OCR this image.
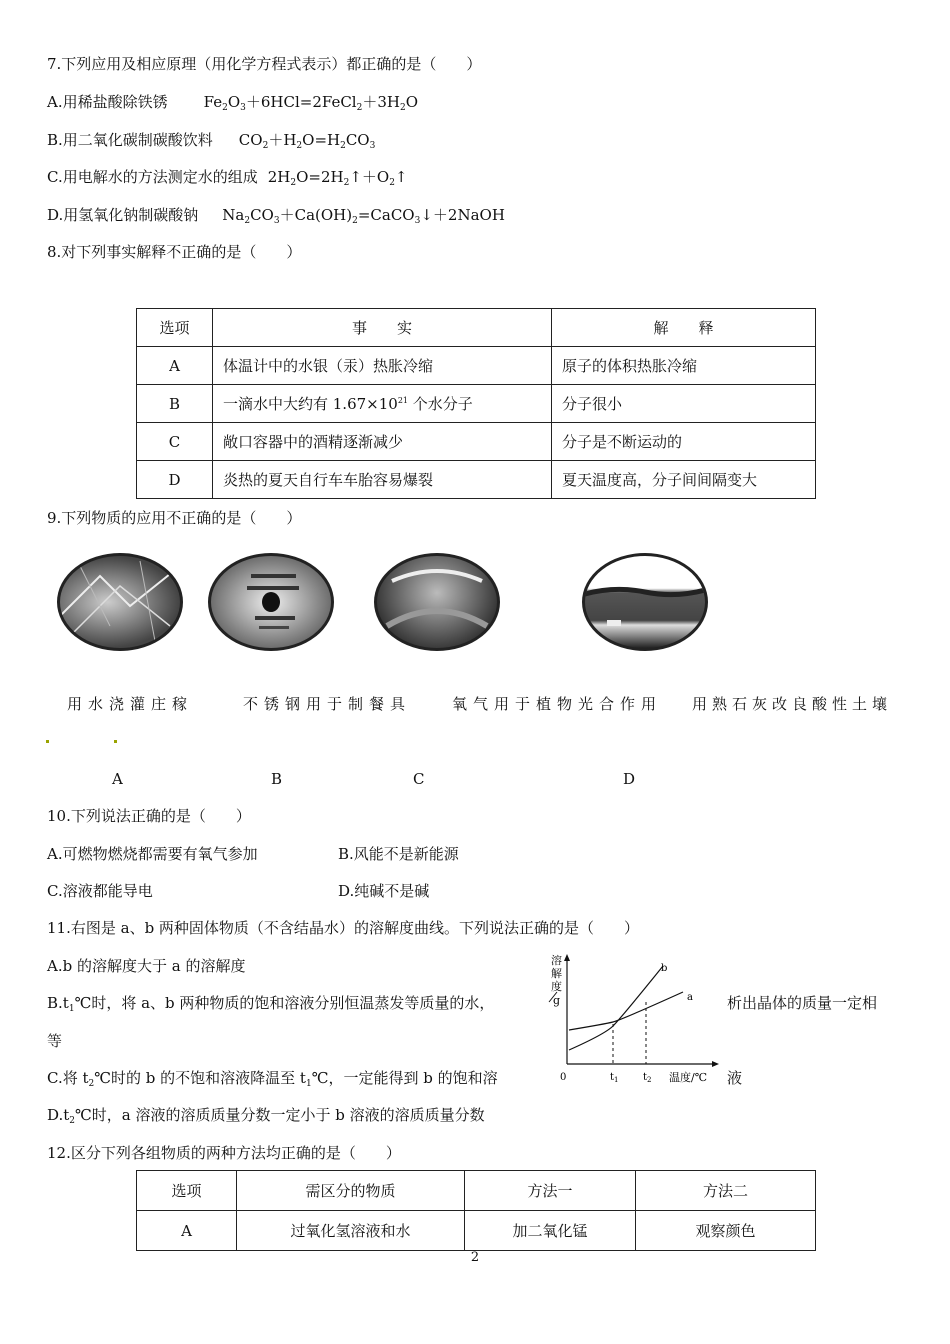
7.下列应用及相应原理（用化学方程式表示）都正确的是（　　）
A.用稀盐酸除铁锈 $Fe_2O_3+6HCl=2FeCl_2+3H_2O$
B.用二氧化碳制碳酸饮料 $CO_2+H_2O=H_2CO_3$
C.用电解水的方法测定水的组成 $2H_2O=2H_2↑+O_2↑$
D.用氢氧化钠制碳酸钠 $Na_2CO_3+Ca(OH)_2=CaCO_3↓+2NaOH$
8.对下列事实解释不正确的是（　　）
选项	事　　实	解　　释
A	体温计中的水银（汞）热胀冷缩	原子的体积热胀冷缩
B	一滴水中大约有 $1.67\times 10^{21}$ 个水分子	分子很小
C	敞口容器中的酒精逐渐减少	分子是不断运动的
D	炎热的夏天自行车车胎容易爆裂	夏天温度高，分子间间隔变大
9.下列物质的应用不正确的是（　　）
用水浇灌庄稼	不锈钢用于制餐具	氧气用于植物光合作用 用熟石灰改良酸性土壤
A	B	C	D
10.下列说法正确的是（　　）
A.可燃物燃烧都需要有氧气参加	B.风能不是新能源
C.溶液都能导电	D.纯碱不是碱
11.右图是 a、b 两种固体物质（不含结晶水）的溶解度曲线。下列说法正确的是（　　）
A.b 的溶解度大于 a 的溶解度
$B.t_1℃$时，将 a、b 两种物质的饱和溶液分别恒温蒸发等质量的水，	析出晶体的质量一定相
等
C.将 $t_2℃$时的 b 的不饱和溶液降温至 $t_1℃$，一定能得到 b 的饱和溶	液
$D.t_2℃$时，a 溶液的溶质质量分数一定小于 b 溶液的溶质质量分数
溶
解
度
g
0	$t_1$ $t_2$ 温度/℃
a
b
12.区分下列各组物质的两种方法均正确的是（　　）
选项	需区分的物质	方法一	方法二
A	过氧化氢溶液和水	加二氧化锰	观察颜色
2
